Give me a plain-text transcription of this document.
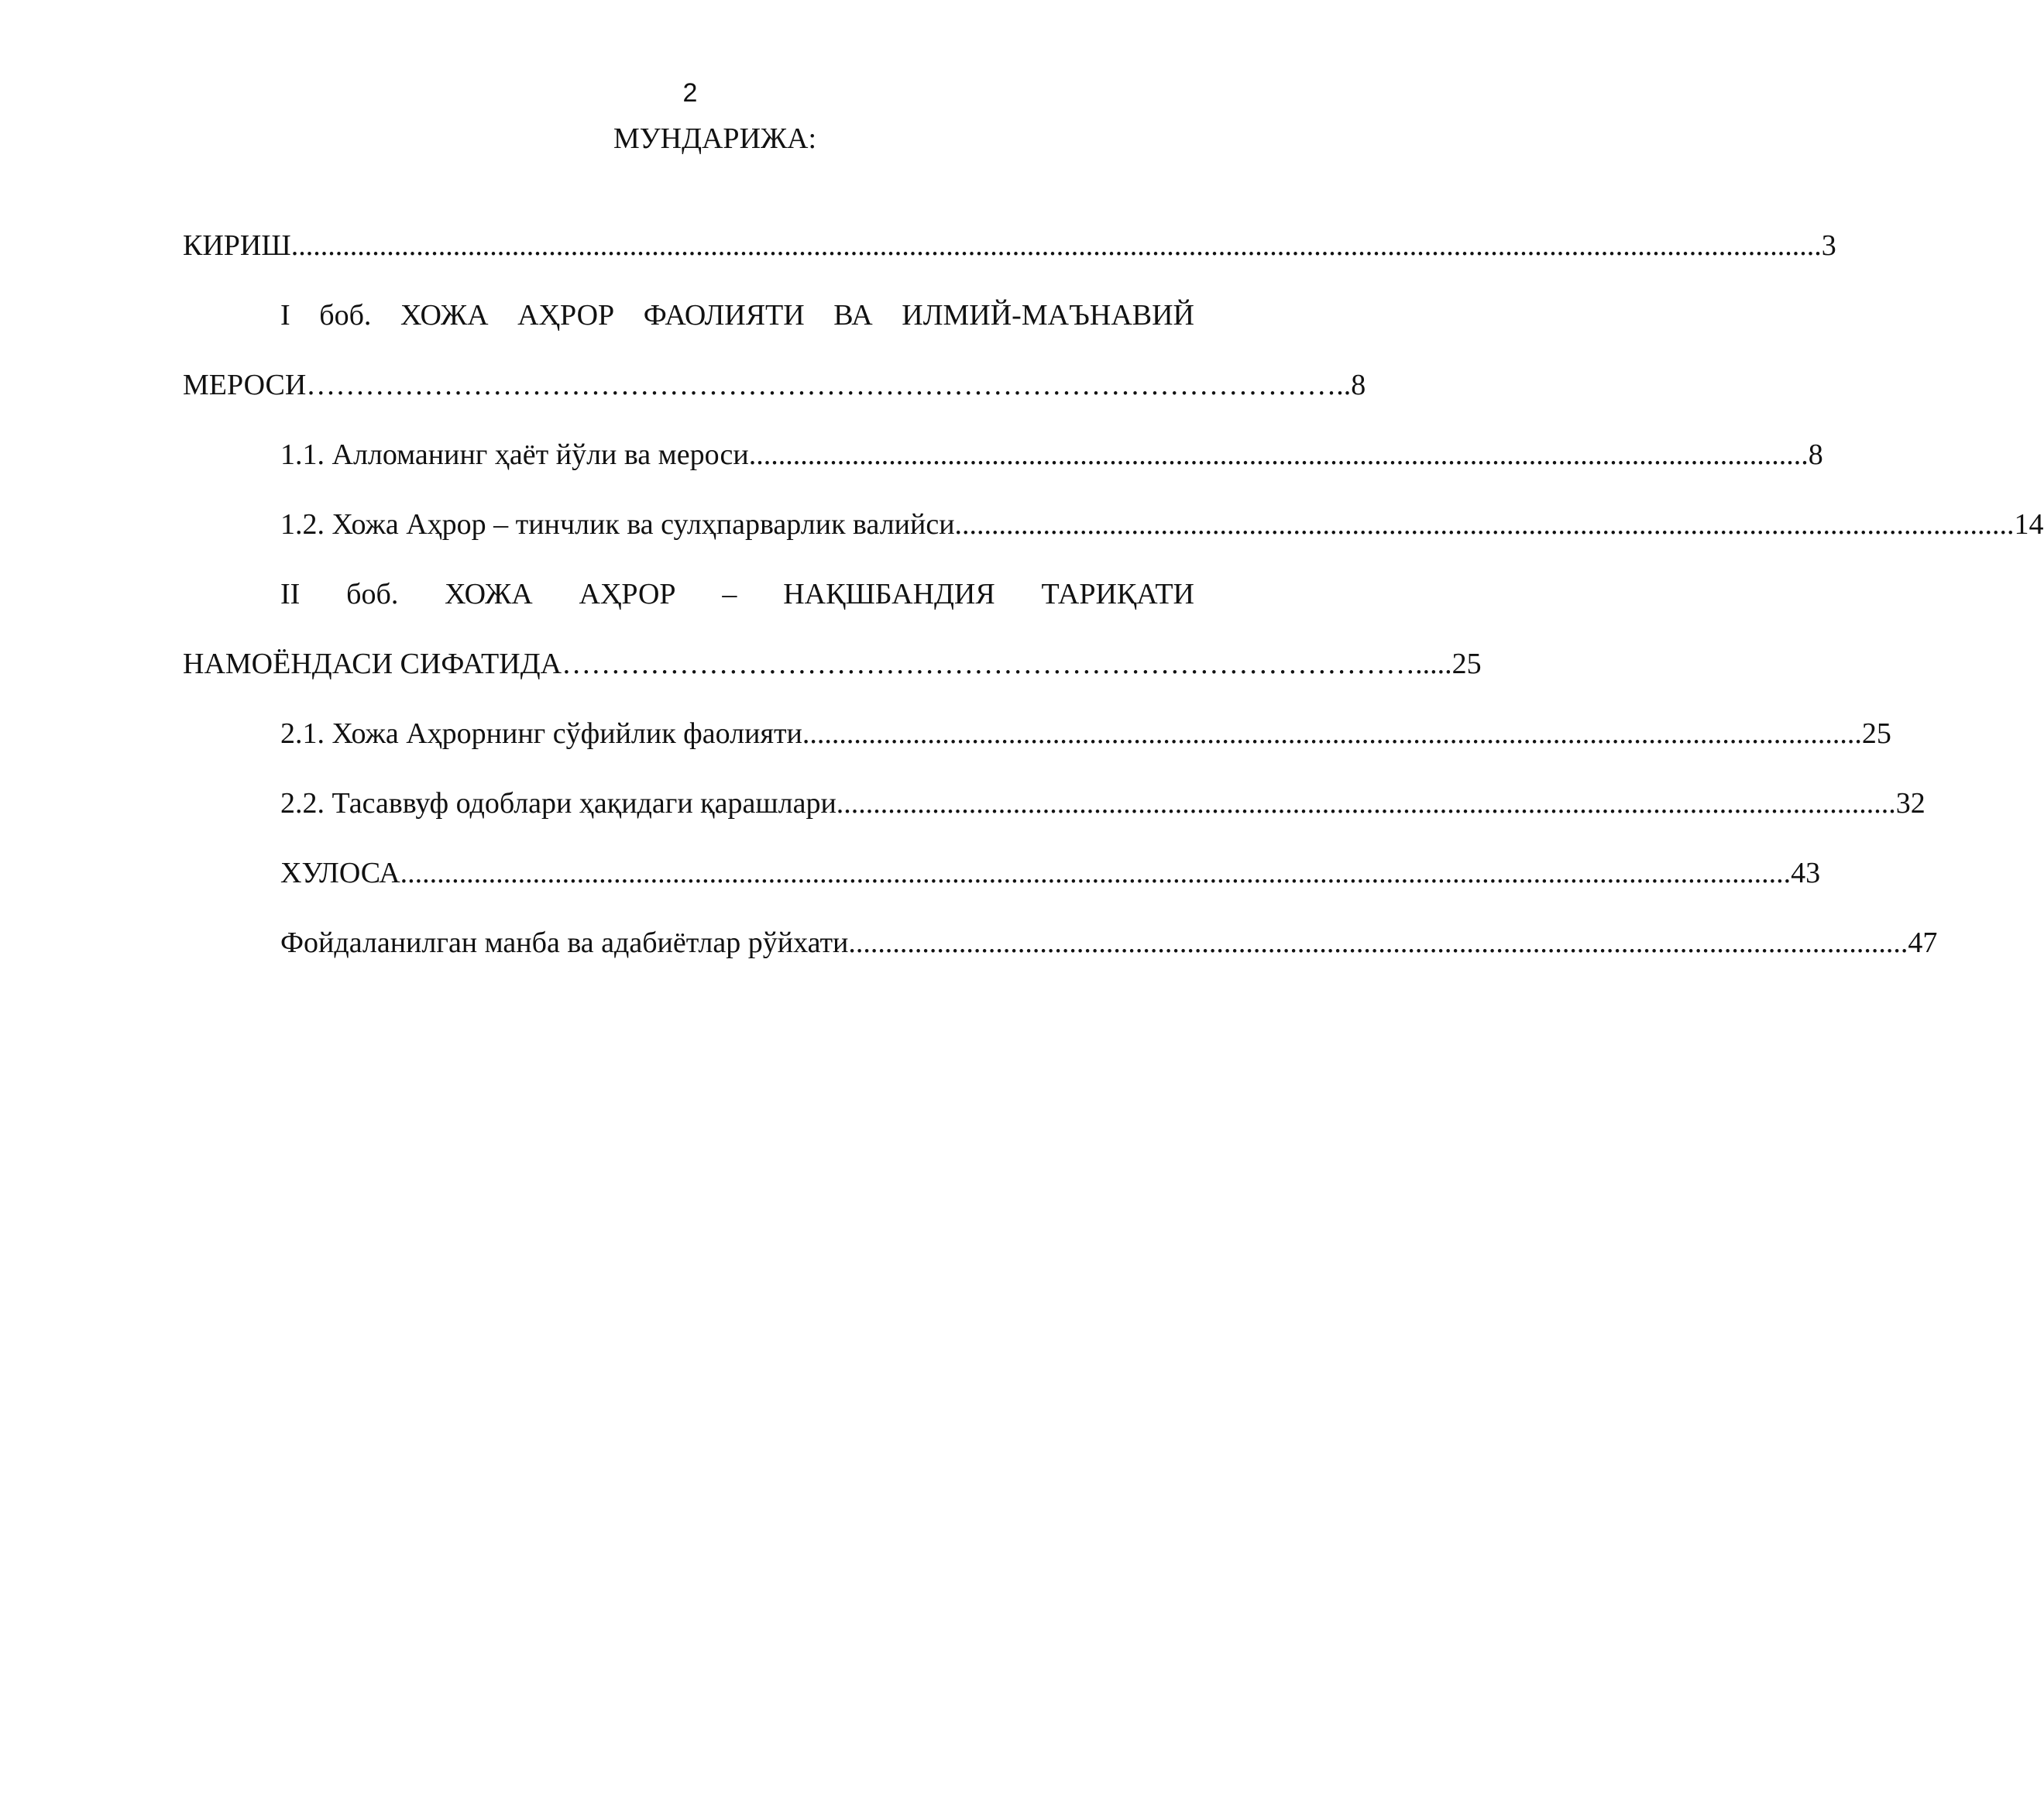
2
МУНДАРИЖА:
КИРИШ ................................................................................................................................................................................................................ 3
I боб. ХОЖА АҲРОР ФАОЛИЯТИ ВА ИЛМИЙ-МАЪНАВИЙ
МЕРОСИ …………………………………………………………………………………………….. 8
1.1. Алломанинг ҳаёт йўли ва мероси ................................................................................................................................................ 8
1.2. Хожа Аҳрор – тинчлик ва сулҳпарварлик валийси ................................................................................................................................................ 14
II боб. ХОЖА АҲРОР – НАҚШБАНДИЯ ТАРИҚАТИ
НАМОЁНДАСИ СИФАТИДА ……………………………………………………………………………..... 25
2.1. Хожа Аҳрорнинг сўфийлик фаолияти ................................................................................................................................................ 25
2.2. Тасаввуф одоблари ҳақидаги қарашлари ................................................................................................................................................ 32
ХУЛОСА ............................................................................................................................................................................................. 43
Фойдаланилган манба ва адабиётлар рўйхати ................................................................................................................................................ 47
